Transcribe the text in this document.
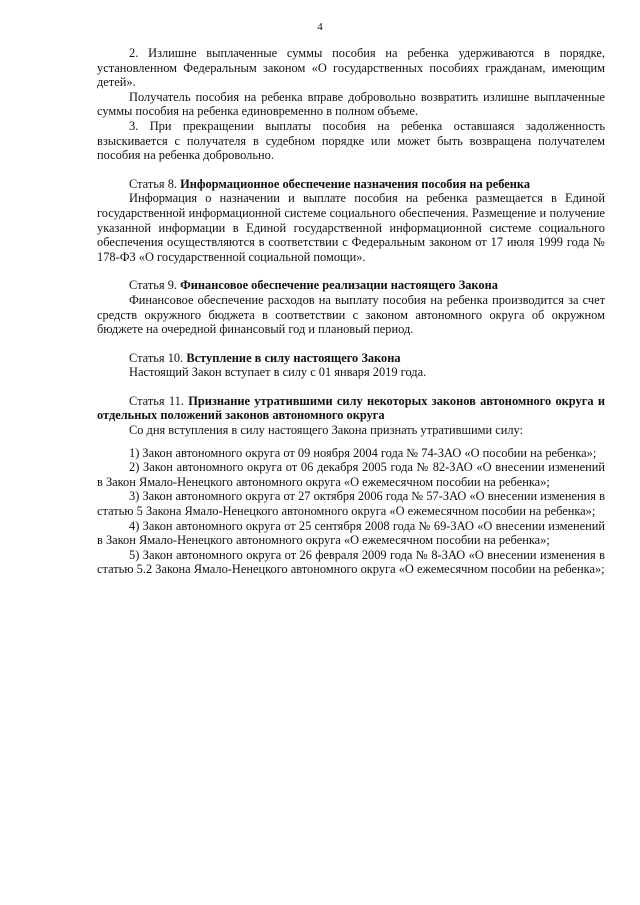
4

2. Излишне выплаченные суммы пособия на ребенка удерживаются в порядке, установленном Федеральным законом «О государственных пособиях гражданам, имеющим детей».

Получатель пособия на ребенка вправе добровольно возвратить излишне выплаченные суммы пособия на ребенка единовременно в полном объеме.

3. При прекращении выплаты пособия на ребенка оставшаяся задолженность взыскивается с получателя в судебном порядке или может быть возвращена получателем пособия на ребенка добровольно.

Статья 8. Информационное обеспечение назначения пособия на ребенка

Информация о назначении и выплате пособия на ребенка размещается в Единой государственной информационной системе социального обеспечения. Размещение и получение указанной информации в Единой государственной информационной системе социального обеспечения осуществляются в соответствии с Федеральным законом от 17 июля 1999 года № 178-ФЗ «О государственной социальной помощи».

Статья 9. Финансовое обеспечение реализации настоящего Закона

Финансовое обеспечение расходов на выплату пособия на ребенка производится за счет средств окружного бюджета в соответствии с законом автономного округа об окружном бюджете на очередной финансовый год и плановый период.

Статья 10. Вступление в силу настоящего Закона

Настоящий Закон вступает в силу с 01 января 2019 года.

Статья 11. Признание утратившими силу некоторых законов автономного округа и отдельных положений законов автономного округа

Со дня вступления в силу настоящего Закона признать утратившими силу:

1) Закон автономного округа от 09 ноября 2004 года № 74-ЗАО «О пособии на ребенка»;

2) Закон автономного округа от 06 декабря 2005 года № 82-ЗАО «О внесении изменений в Закон Ямало-Ненецкого автономного округа «О ежемесячном пособии на ребенка»;

3) Закон автономного округа от 27 октября 2006 года № 57-ЗАО «О внесении изменения в статью 5 Закона Ямало-Ненецкого автономного округа «О ежемесячном пособии на ребенка»;

4) Закон автономного округа от 25 сентября 2008 года № 69-ЗАО «О внесении изменений в Закон Ямало-Ненецкого автономного округа «О ежемесячном пособии на ребенка»;

5) Закон автономного округа от 26 февраля 2009 года № 8-ЗАО «О внесении изменения в статью 5.2 Закона Ямало-Ненецкого автономного округа «О ежемесячном пособии на ребенка»;
